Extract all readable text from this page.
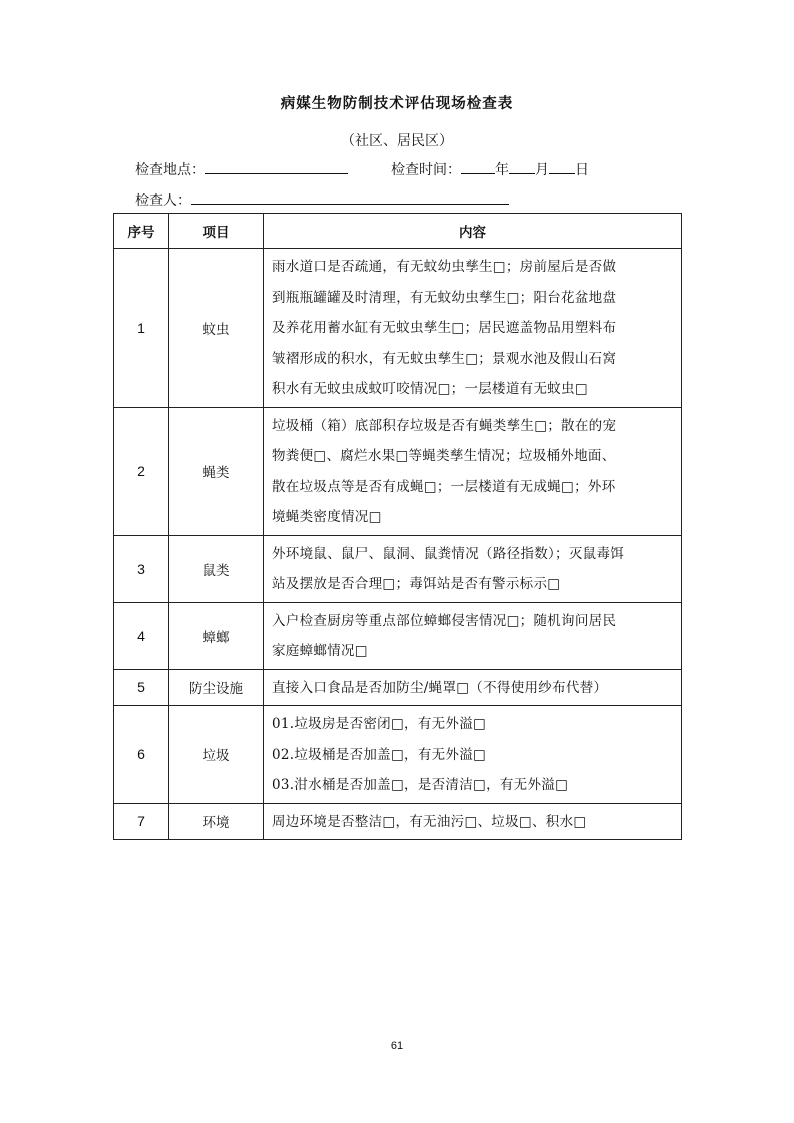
病媒生物防制技术评估现场检查表
（社区、居民区）
检查地点：	检查时间： 年 月 日
检查人：
序号	项目	内容
1	蚊虫	雨水道口是否疏通，有无蚊幼虫孳生□；房前屋后是否做
到瓶瓶罐罐及时清理，有无蚊幼虫孳生□；阳台花盆地盘
及养花用蓄水缸有无蚊虫孳生□；居民遮盖物品用塑料布
皱褶形成的积水，有无蚊虫孳生□；景观水池及假山石窝
积水有无蚊虫成蚊叮咬情况□；一层楼道有无蚊虫□

2	蝇类	垃圾桶（箱）底部积存垃圾是否有蝇类孳生□；散在的宠
物粪便□、腐烂水果□等蝇类孳生情况；垃圾桶外地面、
散在垃圾点等是否有成蝇□；一层楼道有无成蝇□；外环
境蝇类密度情况□

3	鼠类	外环境鼠、鼠尸、鼠洞、鼠粪情况（路径指数）；灭鼠毒饵
站及摆放是否合理□；毒饵站是否有警示标示□

4	蟑螂	入户检查厨房等重点部位蟑螂侵害情况□；随机询问居民
家庭蟑螂情况□

5	防尘设施	直接入口食品是否加防尘/蝇罩□（不得使用纱布代替）

6	垃圾	01.垃圾房是否密闭□，有无外溢□
02.垃圾桶是否加盖□，有无外溢□
03.泔水桶是否加盖□，是否清洁□，有无外溢□

7	环境	周边环境是否整洁□，有无油污□、垃圾□、积水□
61
